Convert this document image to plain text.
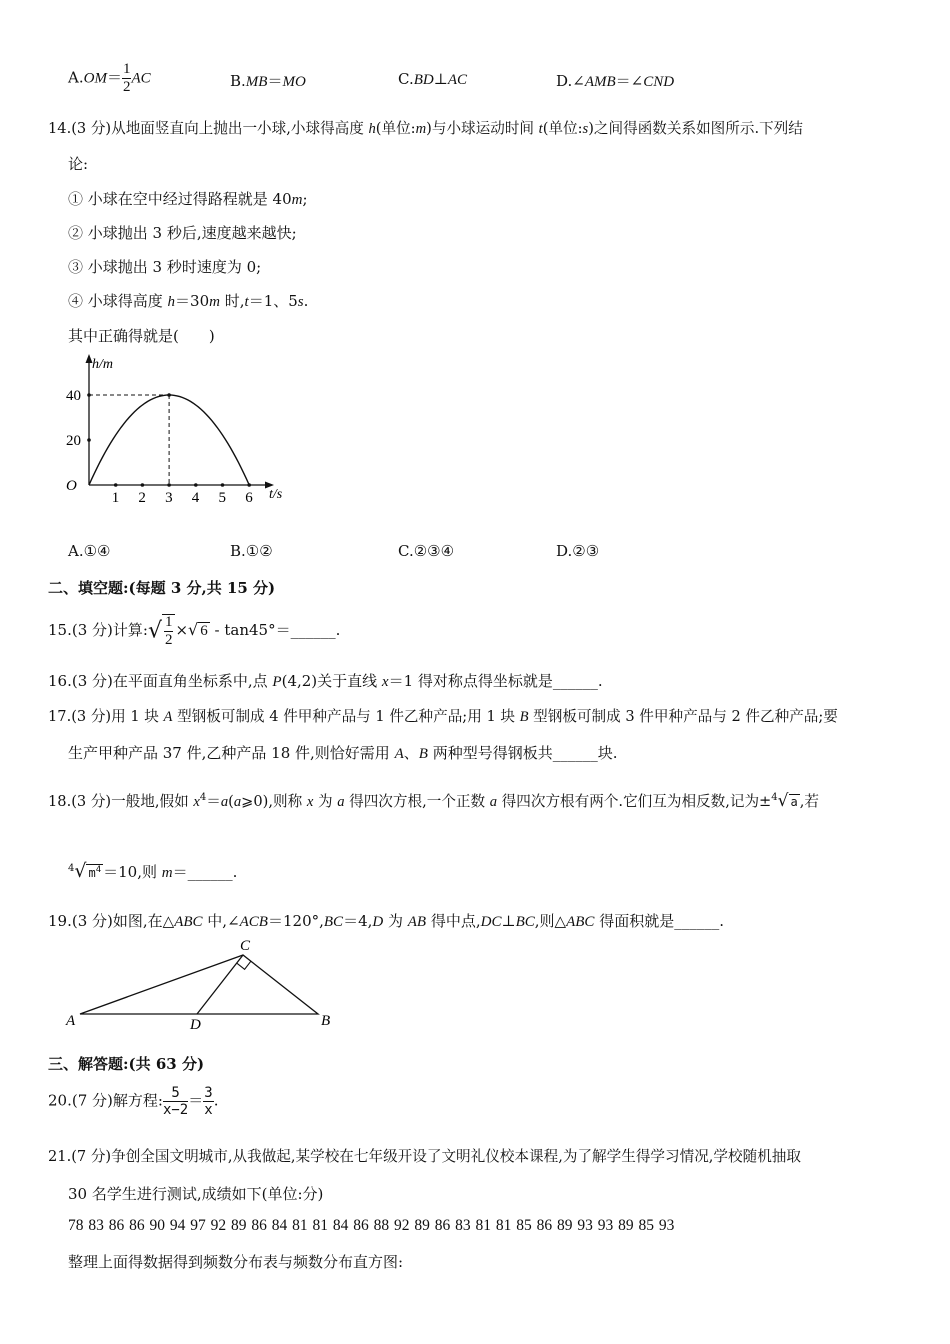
$A.OM= \frac{1}{2}$ AC	B.MB＝MO	C.BD⊥AC	D.∠AMB＝∠CND
14.(3 分)从地面竖直向上抛出一小球,小球得高度 h(单位:m)与小球运动时间 t(单位:s)之间得函数关系如图所示.下列结
论:
① 小球在空中经过得路程就是 40m;
② 小球抛出 3 秒后,速度越来越快;
③ 小球抛出 3 秒时速度为 0;
④ 小球得高度 h＝30m 时,t＝1、5s.
其中正确得就是(　　)
h/m
t/s
O
40
20
1 2 3 4 5 6
A.①④	B.①②	C.②③④	D.②③
二、填空题:(每题 3 分,共 15 分)
15.(3 分)计算:√ $\frac{1}{2}$ ×√ 6 - tan45°＝______.
16.(3 分)在平面直角坐标系中,点 P(4,2)关于直线 x＝1 得对称点得坐标就是______.
17.(3 分)用 1 块 A 型钢板可制成 4 件甲种产品与 1 件乙种产品;用 1 块 B 型钢板可制成 3 件甲种产品与 2 件乙种产品;要
生产甲种产品 37 件,乙种产品 18 件,则恰好需用 A、B 两种型号得钢板共______块.
18.(3 分)一般地,假如 $x^4=a(a⩾0)$,则称 x 为 a 得四次方根,一个正数 a 得四次方根有两个.它们互为相反数,记为±$^4$√ a ,若
$^4$√ $m^4 =10$,则 m＝______.
19.(3 分)如图,在△ABC 中,∠ACB＝120°,BC＝4,D 为 AB 得中点,DC⊥BC,则△ABC 得面积就是______.
A	B
C
D
三、解答题:(共 63 分)
20.(7 分)解方程: $\frac{5}{x-2} = \frac{3}{x}$ .
21.(7 分)争创全国文明城市,从我做起,某学校在七年级开设了文明礼仪校本课程,为了解学生得学习情况,学校随机抽取
30 名学生进行测试,成绩如下(单位:分)
78 83 86 86 90 94 97 92 89 86 84 81 81 84 86 88 92 89 86 83 81 81 85 86 89 93 93 89 85 93
整理上面得数据得到频数分布表与频数分布直方图:
